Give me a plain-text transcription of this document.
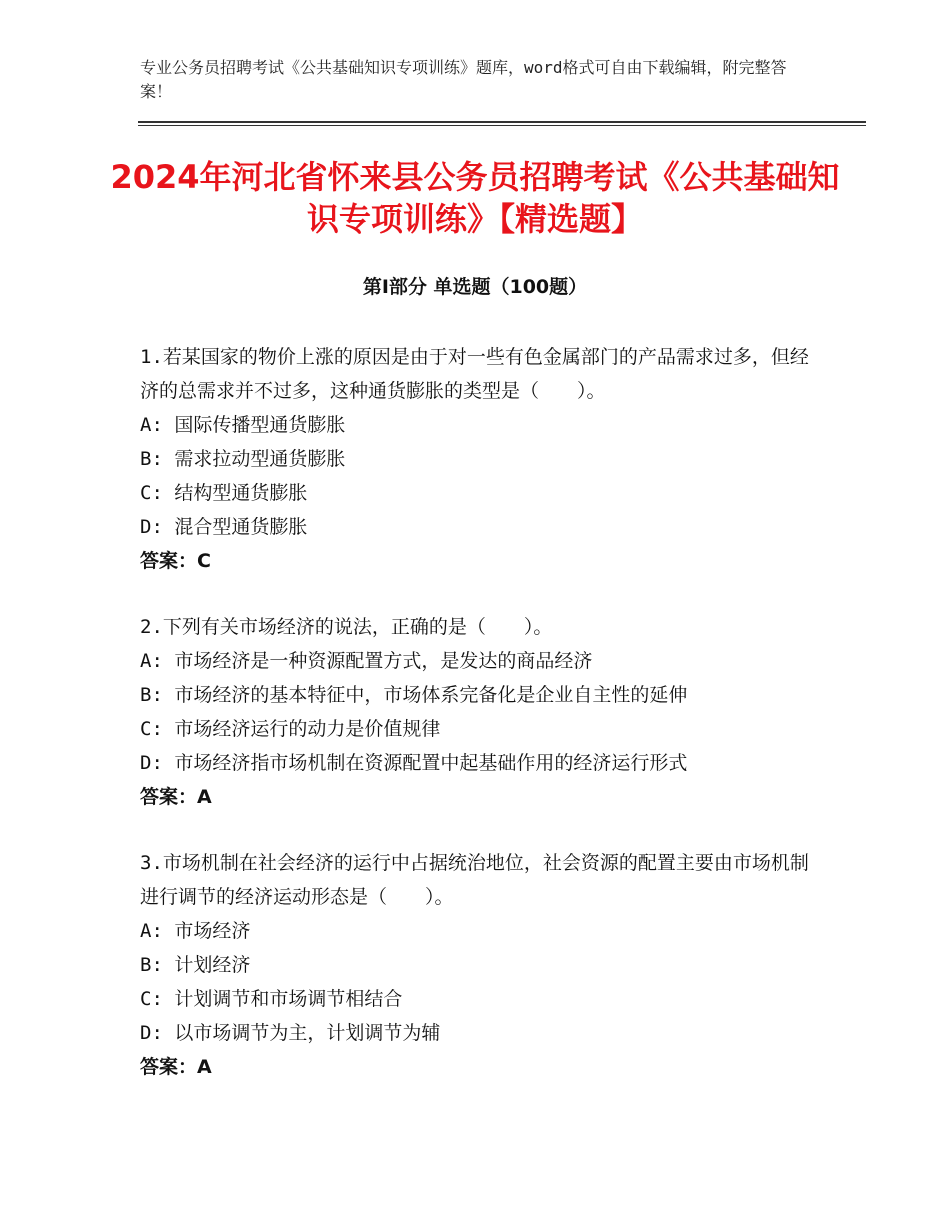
专业公务员招聘考试《公共基础知识专项训练》题库，word格式可自由下载编辑，附完整答案！
2024年河北省怀来县公务员招聘考试《公共基础知识专项训练》【精选题】
第Ⅰ部分 单选题（100题）
1.若某国家的物价上涨的原因是由于对一些有色金属部门的产品需求过多，但经济的总需求并不过多，这种通货膨胀的类型是（　　）。
A: 国际传播型通货膨胀
B: 需求拉动型通货膨胀
C: 结构型通货膨胀
D: 混合型通货膨胀
答案：C
2.下列有关市场经济的说法，正确的是（　　）。
A: 市场经济是一种资源配置方式，是发达的商品经济
B: 市场经济的基本特征中，市场体系完备化是企业自主性的延伸
C: 市场经济运行的动力是价值规律
D: 市场经济指市场机制在资源配置中起基础作用的经济运行形式
答案：A
3.市场机制在社会经济的运行中占据统治地位，社会资源的配置主要由市场机制进行调节的经济运动形态是（　　）。
A: 市场经济
B: 计划经济
C: 计划调节和市场调节相结合
D: 以市场调节为主，计划调节为辅
答案：A
